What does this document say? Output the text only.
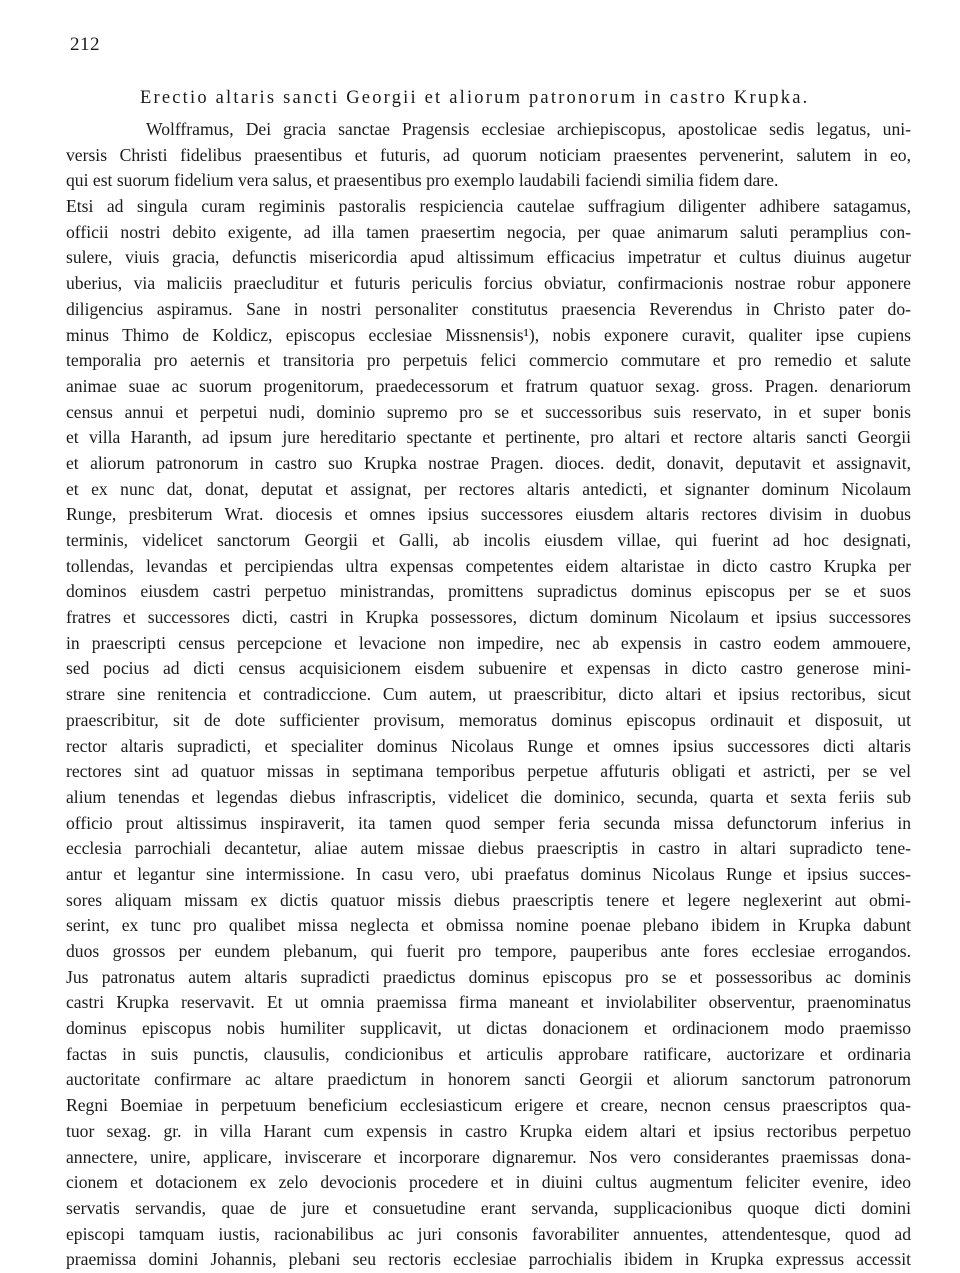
212
Erectio altaris sancti Georgii et aliorum patronorum in castro Krupka.
Wolfframus, Dei gracia sanctae Pragensis ecclesiae archiepiscopus, apostolicae sedis legatus, uni-
versis Christi fidelibus praesentibus et futuris, ad quorum noticiam praesentes pervenerint, salutem in eo,
qui est suorum fidelium vera salus, et praesentibus pro exemplo laudabili faciendi similia fidem dare.
Etsi ad singula curam regiminis pastoralis respiciencia cautelae suffragium diligenter adhibere satagamus,
officii nostri debito exigente, ad illa tamen praesertim negocia, per quae animarum saluti peramplius con-
sulere, viuis gracia, defunctis misericordia apud altissimum efficacius impetratur et cultus diuinus augetur
uberius, via maliciis praecluditur et futuris periculis forcius obviatur, confirmacionis nostrae robur apponere
diligencius aspiramus. Sane in nostri personaliter constitutus praesencia Reverendus in Christo pater do-
minus Thimo de Koldicz, episcopus ecclesiae Missnensis¹), nobis exponere curavit, qualiter ipse cupiens
temporalia pro aeternis et transitoria pro perpetuis felici commercio commutare et pro remedio et salute
animae suae ac suorum progenitorum, praedecessorum et fratrum quatuor sexag. gross. Pragen. denariorum
census annui et perpetui nudi, dominio supremo pro se et successoribus suis reservato, in et super bonis
et villa Haranth, ad ipsum jure hereditario spectante et pertinente, pro altari et rectore altaris sancti Georgii
et aliorum patronorum in castro suo Krupka nostrae Pragen. dioces. dedit, donavit, deputavit et assignavit,
et ex nunc dat, donat, deputat et assignat, per rectores altaris antedicti, et signanter dominum Nicolaum
Runge, presbiterum Wrat. diocesis et omnes ipsius successores eiusdem altaris rectores divisim in duobus
terminis, videlicet sanctorum Georgii et Galli, ab incolis eiusdem villae, qui fuerint ad hoc designati,
tollendas, levandas et percipiendas ultra expensas competentes eidem altaristae in dicto castro Krupka per
dominos eiusdem castri perpetuo ministrandas, promittens supradictus dominus episcopus per se et suos
fratres et successores dicti, castri in Krupka possessores, dictum dominum Nicolaum et ipsius successores
in praescripti census percepcione et levacione non impedire, nec ab expensis in castro eodem ammouere,
sed pocius ad dicti census acquisicionem eisdem subuenire et expensas in dicto castro generose mini-
strare sine renitencia et contradiccione. Cum autem, ut praescribitur, dicto altari et ipsius rectoribus, sicut
praescribitur, sit de dote sufficienter provisum, memoratus dominus episcopus ordinauit et disposuit, ut
rector altaris supradicti, et specialiter dominus Nicolaus Runge et omnes ipsius successores dicti altaris
rectores sint ad quatuor missas in septimana temporibus perpetue affuturis obligati et astricti, per se vel
alium tenendas et legendas diebus infrascriptis, videlicet die dominico, secunda, quarta et sexta feriis sub
officio prout altissimus inspiraverit, ita tamen quod semper feria secunda missa defunctorum inferius in
ecclesia parrochiali decantetur, aliae autem missae diebus praescriptis in castro in altari supradicto tene-
antur et legantur sine intermissione. In casu vero, ubi praefatus dominus Nicolaus Runge et ipsius succes-
sores aliquam missam ex dictis quatuor missis diebus praescriptis tenere et legere neglexerint aut obmi-
serint, ex tunc pro qualibet missa neglecta et obmissa nomine poenae plebano ibidem in Krupka dabunt
duos grossos per eundem plebanum, qui fuerit pro tempore, pauperibus ante fores ecclesiae errogandos.
Jus patronatus autem altaris supradicti praedictus dominus episcopus pro se et possessoribus ac dominis
castri Krupka reservavit. Et ut omnia praemissa firma maneant et inviolabiliter observentur, praenominatus
dominus episcopus nobis humiliter supplicavit, ut dictas donacionem et ordinacionem modo praemisso
factas in suis punctis, clausulis, condicionibus et articulis approbare ratificare, auctorizare et ordinaria
auctoritate confirmare ac altare praedictum in honorem sancti Georgii et aliorum sanctorum patronorum
Regni Boemiae in perpetuum beneficium ecclesiasticum erigere et creare, necnon census praescriptos qua-
tuor sexag. gr. in villa Harant cum expensis in castro Krupka eidem altari et ipsius rectoribus perpetuo
annectere, unire, applicare, inviscerare et incorporare dignaremur. Nos vero considerantes praemissas dona-
cionem et dotacionem ex zelo devocionis procedere et in diuini cultus augmentum feliciter evenire, ideo
servatis servandis, quae de jure et consuetudine erant servanda, supplicacionibus quoque dicti domini
episcopi tamquam iustis, racionabilibus ac juri consonis favorabiliter annuentes, attendentesque, quod ad
praemissa domini Johannis, plebani seu rectoris ecclesiae parrochialis ibidem in Krupka expressus accessit
